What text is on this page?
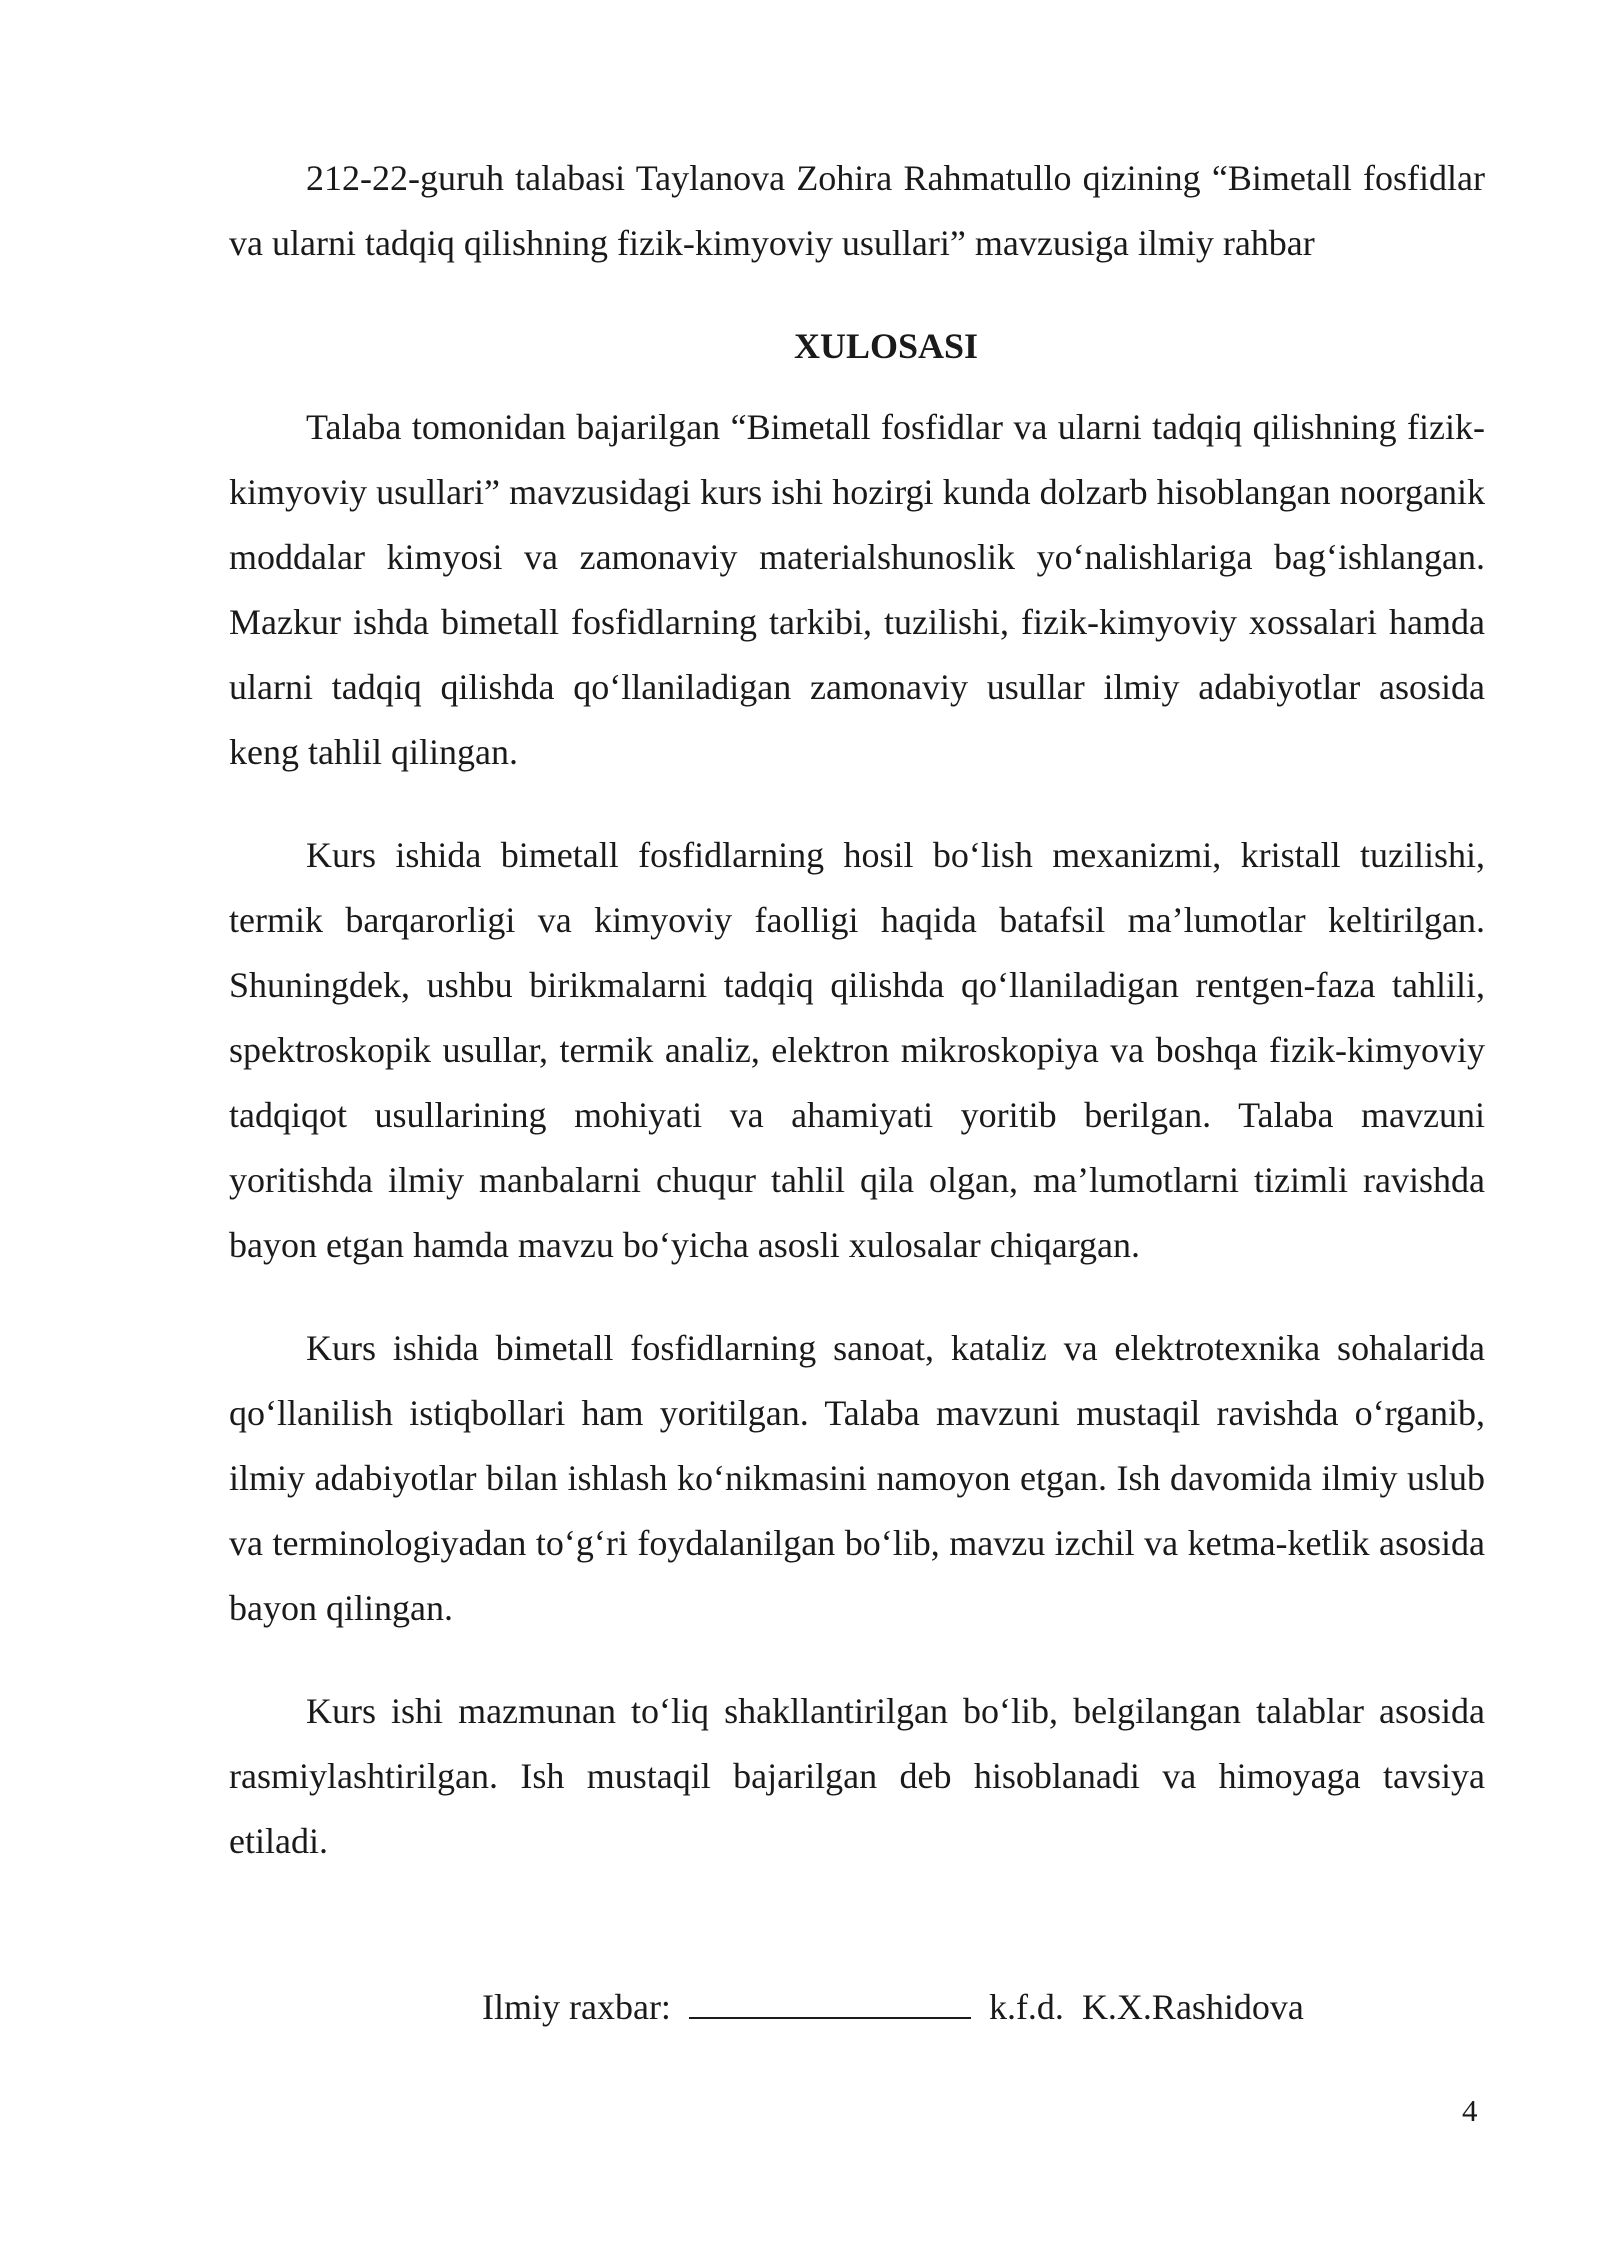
212-22-guruh talabasi Taylanova Zohira Rahmatullo qizining “Bimetall fosfidlar va ularni tadqiq qilishning fizik-kimyoviy usullari” mavzusiga ilmiy rahbar

XULOSASI

Talaba tomonidan bajarilgan “Bimetall fosfidlar va ularni tadqiq qilishning fizik-kimyoviy usullari” mavzusidagi kurs ishi hozirgi kunda dolzarb hisoblangan noorganik moddalar kimyosi va zamonaviy materialshunoslik yo‘nalishlariga bag‘ishlangan. Mazkur ishda bimetall fosfidlarning tarkibi, tuzilishi, fizik-kimyoviy xossalari hamda ularni tadqiq qilishda qo‘llaniladigan zamonaviy usullar ilmiy adabiyotlar asosida keng tahlil qilingan.

Kurs ishida bimetall fosfidlarning hosil bo‘lish mexanizmi, kristall tuzilishi, termik barqarorligi va kimyoviy faolligi haqida batafsil ma’lumotlar keltirilgan. Shuningdek, ushbu birikmalarni tadqiq qilishda qo‘llaniladigan rentgen-faza tahlili, spektroskopik usullar, termik analiz, elektron mikroskopiya va boshqa fizik-kimyoviy tadqiqot usullarining mohiyati va ahamiyati yoritib berilgan. Talaba mavzuni yoritishda ilmiy manbalarni chuqur tahlil qila olgan, ma’lumotlarni tizimli ravishda bayon etgan hamda mavzu bo‘yicha asosli xulosalar chiqargan.

Kurs ishida bimetall fosfidlarning sanoat, kataliz va elektrotexnika sohalarida qo‘llanilish istiqbollari ham yoritilgan. Talaba mavzuni mustaqil ravishda o‘rganib, ilmiy adabiyotlar bilan ishlash ko‘nikmasini namoyon etgan. Ish davomida ilmiy uslub va terminologiyadan to‘g‘ri foydalanilgan bo‘lib, mavzu izchil va ketma-ketlik asosida bayon qilingan.

Kurs ishi mazmunan to‘liq shakllantirilgan bo‘lib, belgilangan talablar asosida rasmiylashtirilgan. Ish mustaqil bajarilgan deb hisoblanadi va himoyaga tavsiya etiladi.

Ilmiy raxbar:	k.f.d. K.X.Rashidova
4
